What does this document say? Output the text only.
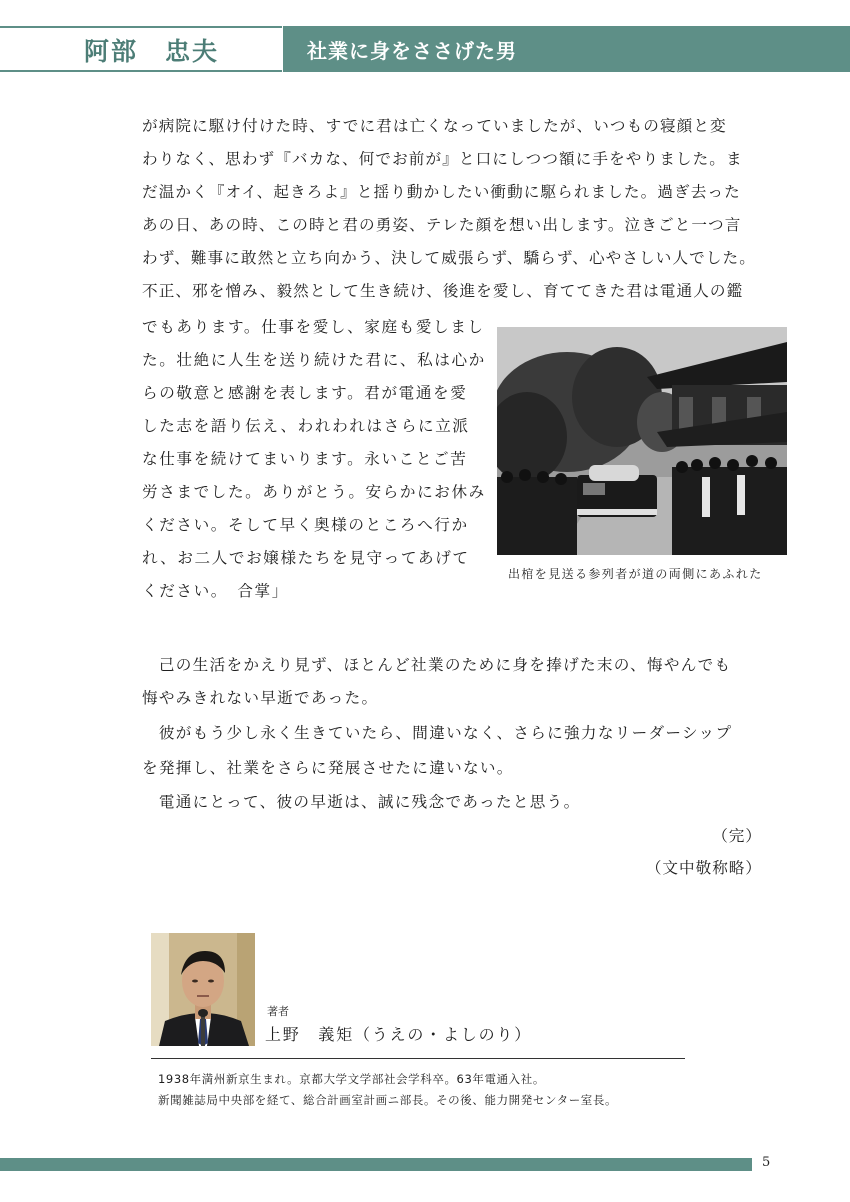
阿部　忠夫	社業に身をささげた男

が病院に駆け付けた時、すでに君は亡くなっていましたが、いつもの寝顔と変

わりなく、思わず『バカな、何でお前が』と口にしつつ額に手をやりました。ま

だ温かく『オイ、起きろよ』と揺り動かしたい衝動に駆られました。過ぎ去った

あの日、あの時、この時と君の勇姿、テレた顔を想い出します。泣きごと一つ言

わず、難事に敢然と立ち向かう、決して威張らず、驕らず、心やさしい人でした。

不正、邪を憎み、毅然として生き続け、後進を愛し、育ててきた君は電通人の鑑

でもあります。仕事を愛し、家庭も愛しまし

た。壮絶に人生を送り続けた君に、私は心か

らの敬意と感謝を表します。君が電通を愛

した志を語り伝え、われわれはさらに立派

な仕事を続けてまいります。永いことご苦

労さまでした。ありがとう。安らかにお休み

ください。そして早く奥様のところへ行か

れ、お二人でお嬢様たちを見守ってあげて

ください。　合掌」

出棺を見送る参列者が道の両側にあふれた

　己の生活をかえり見ず、ほとんど社業のために身を捧げた末の、悔やんでも

悔やみきれない早逝であった。

　彼がもう少し永く生きていたら、間違いなく、さらに強力なリーダーシップ

を発揮し、社業をさらに発展させたに違いない。

　電通にとって、彼の早逝は、誠に残念であったと思う。

（完）

（文中敬称略）

著者

上野　義矩（うえの・よしのり）

1938年満州新京生まれ。京都大学文学部社会学科卒。63年電通入社。

新聞雑誌局中央部を経て、総合計画室計画ニ部長。その後、能力開発センター室長。

5
